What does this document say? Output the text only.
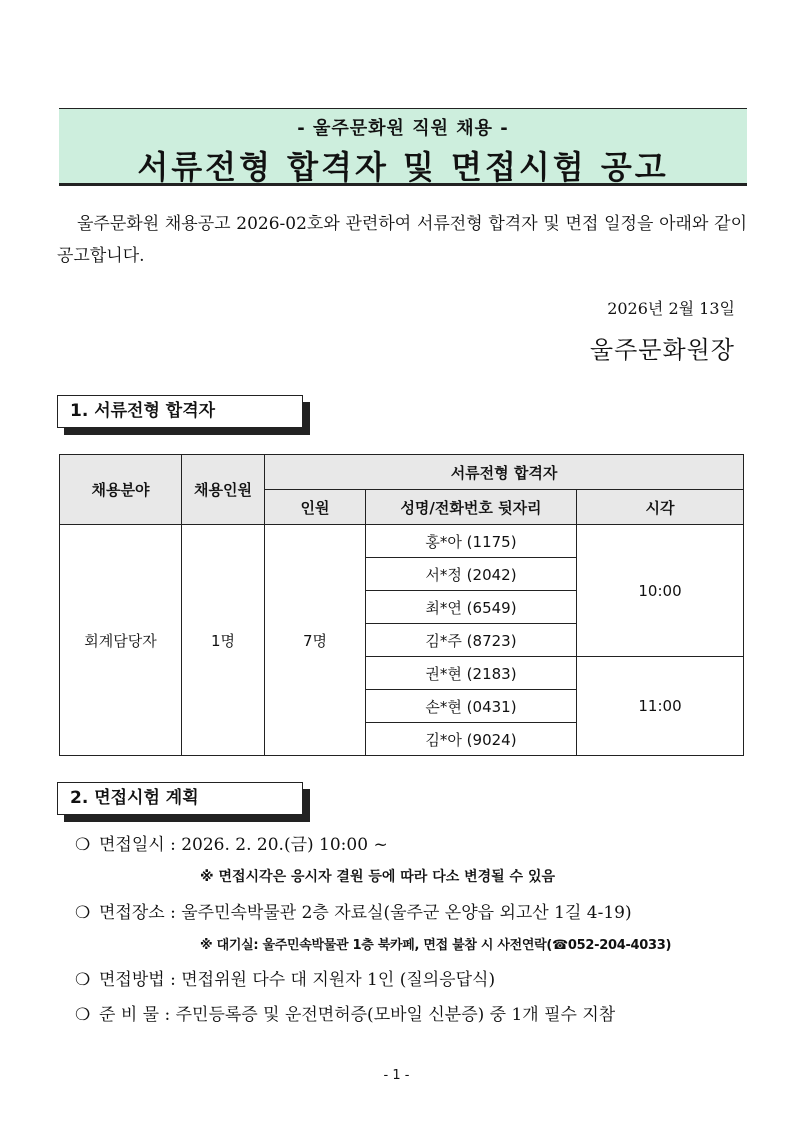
- 울주문화원 직원 채용 -
서류전형 합격자 및 면접시험 공고
울주문화원 채용공고 2026-02호와 관련하여 서류전형 합격자 및 면접 일정을 아래와 같이 공고합니다.
2026년 2월 13일
울주문화원장
1. 서류전형 합격자
채용분야	채용인원	서류전형 합격자		
		인원	성명/전화번호 뒷자리	시각
회계담당자	1명	7명	홍*아 (1175)	10:00
			서*정 (2042)	
			최*연 (6549)	
			김*주 (8723)	
			권*현 (2183)	11:00
			손*현 (0431)	
			김*아 (9024)	
2. 면접시험 계획
❍ 면접일시 : 2026. 2. 20.(금) 10:00 ~
※ 면접시각은 응시자 결원 등에 따라 다소 변경될 수 있음
❍ 면접장소 : 울주민속박물관 2층 자료실(울주군 온양읍 외고산 1길 4-19)
※ 대기실: 울주민속박물관 1층 북카페, 면접 불참 시 사전연락(☎052-204-4033)
❍ 면접방법 : 면접위원 다수 대 지원자 1인 (질의응답식)
❍ 준 비 물 : 주민등록증 및 운전면허증(모바일 신분증) 중 1개 필수 지참
- 1 -
